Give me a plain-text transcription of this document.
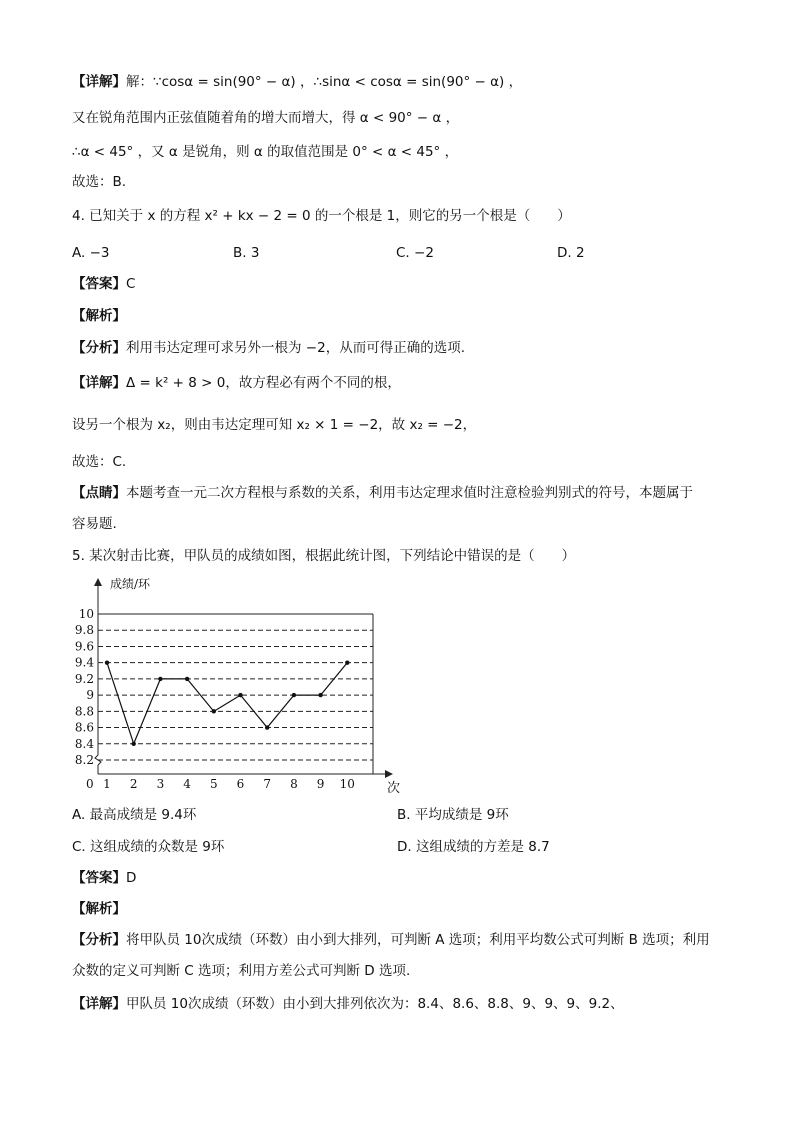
【详解】解：∵cosα = sin(90° − α) ，∴sinα < cosα = sin(90° − α) ，
又在锐角范围内正弦值随着角的增大而增大，得 α < 90° − α ，
∴α < 45° ，又 α 是锐角，则 α 的取值范围是 0° < α < 45° ，
故选：B.
4. 已知关于 x 的方程 x² + kx − 2 = 0 的一个根是 1，则它的另一个根是（　　）
A. −3	B. 3	C. −2	D. 2
【答案】C
【解析】
【分析】利用韦达定理可求另外一根为 −2，从而可得正确的选项.
【详解】Δ = k² + 8 > 0，故方程必有两个不同的根，
设另一个根为 x₂，则由韦达定理可知 x₂ × 1 = −2，故 x₂ = −2，
故选：C.
【点睛】本题考查一元二次方程根与系数的关系，利用韦达定理求值时注意检验判别式的符号，本题属于
容易题.
5. 某次射击比赛，甲队员的成绩如图，根据此统计图，下列结论中错误的是（　　）
8.2
8.4
8.6
8.8
9
9.2
9.4
9.6
9.8
10
成绩/环
次
0 1 2 3 4 5 6 7 8 9 10
A. 最高成绩是 9.4环	B. 平均成绩是 9环
C. 这组成绩的众数是 9环	D. 这组成绩的方差是 8.7
【答案】D
【解析】
【分析】将甲队员 10次成绩（环数）由小到大排列，可判断 A 选项；利用平均数公式可判断 B 选项；利用
众数的定义可判断 C 选项；利用方差公式可判断 D 选项.
【详解】甲队员 10次成绩（环数）由小到大排列依次为：8.4、8.6、8.8、9、9、9、9.2、
